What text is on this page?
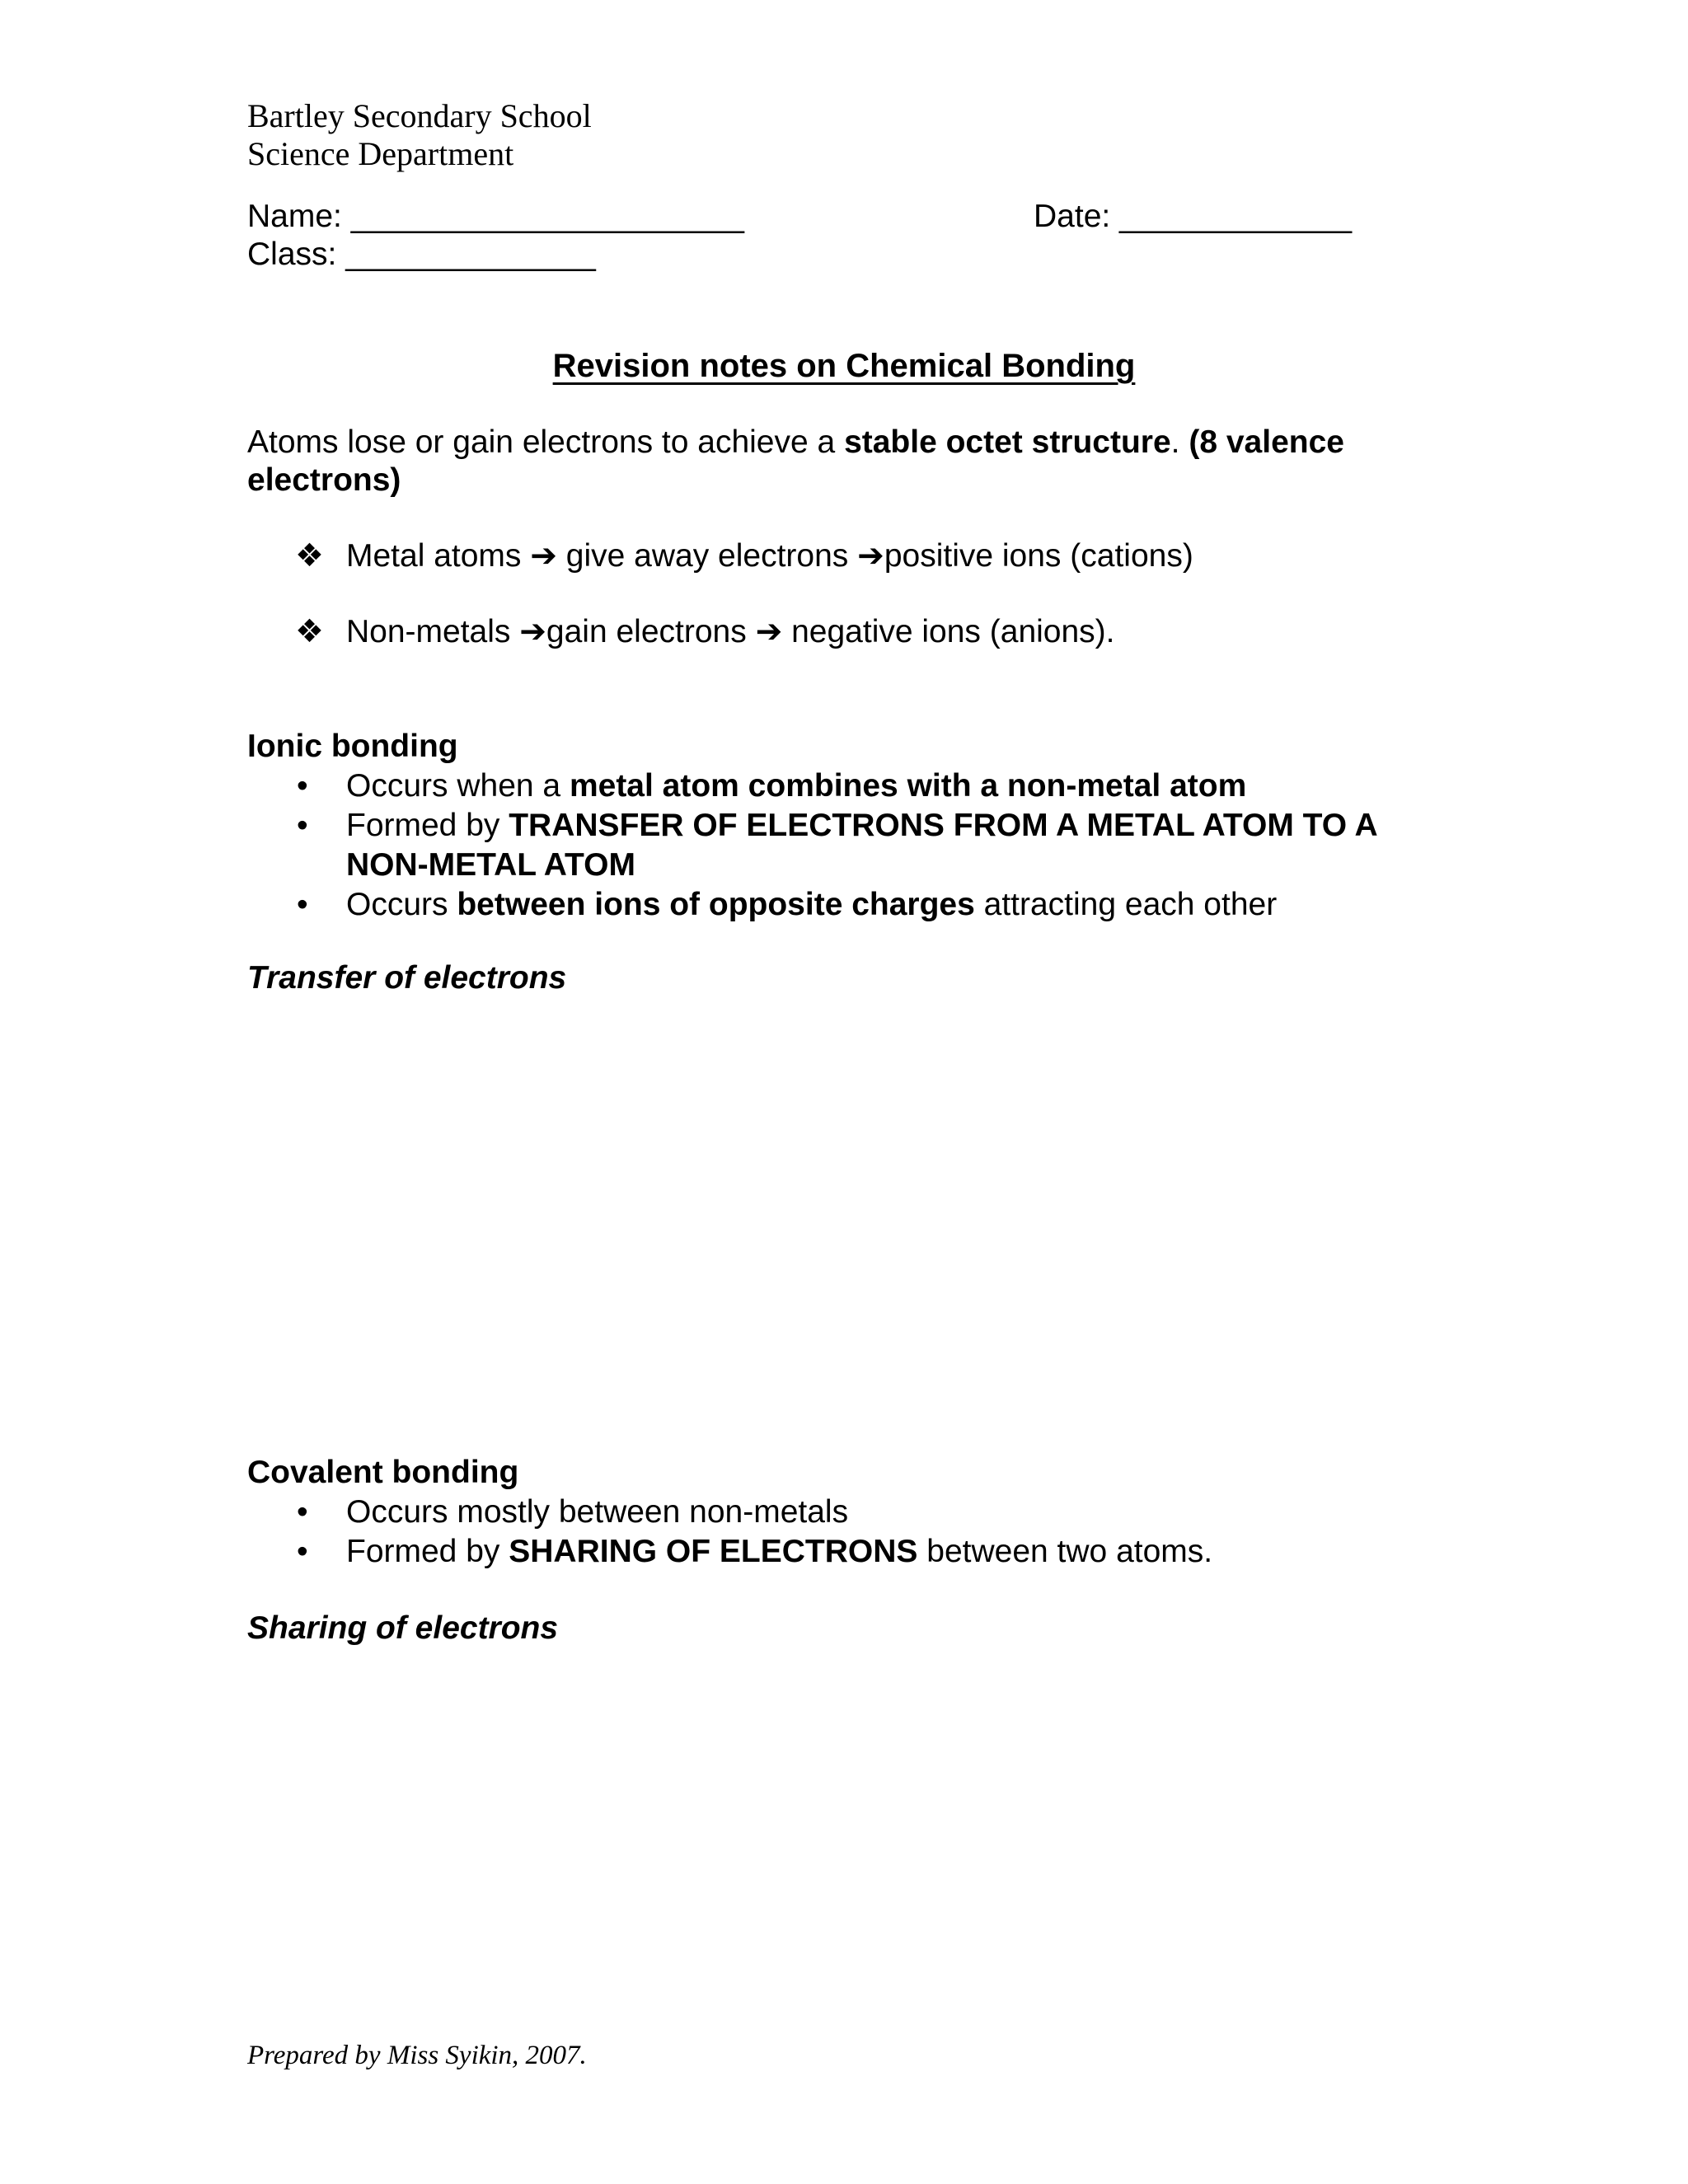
Bartley Secondary School
Science Department
Name: ______________________	Date: _____________
Class: ______________
Revision notes on Chemical Bonding
Atoms lose or gain electrons to achieve a stable octet structure. (8 valence electrons)
❖ Metal atoms ➔ give away electrons ➔positive ions (cations)
❖ Non-metals ➔gain electrons ➔ negative ions (anions).
Ionic bonding
• Occurs when a metal atom combines with a non-metal atom
• Formed by TRANSFER OF ELECTRONS FROM A METAL ATOM TO A NON-METAL ATOM
• Occurs between ions of opposite charges attracting each other
Transfer of electrons
Covalent bonding
• Occurs mostly between non-metals
• Formed by SHARING OF ELECTRONS between two atoms.
Sharing of electrons
Prepared by Miss Syikin, 2007.
